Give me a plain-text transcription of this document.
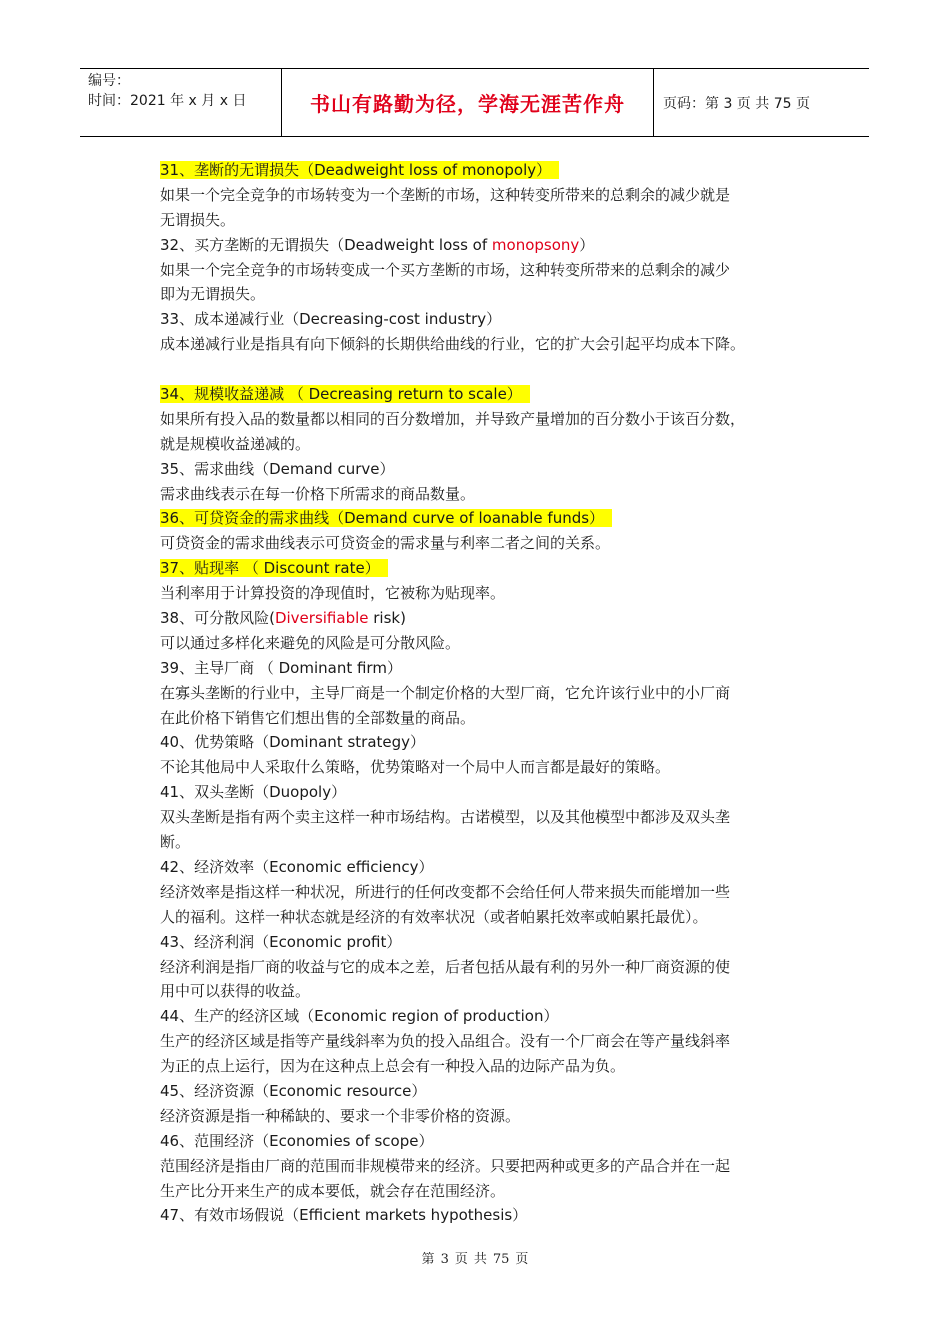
编号：
时间：2021 年 x 月 x 日	书山有路勤为径，学海无涯苦作舟	页码：第 3 页 共 75 页
31、垄断的无谓损失（Deadweight loss of monopoly）
如果一个完全竞争的市场转变为一个垄断的市场，这种转变所带来的总剩余的减少就是
无谓损失。
32、买方垄断的无谓损失（Deadweight loss of monopsony）
如果一个完全竞争的市场转变成一个买方垄断的市场，这种转变所带来的总剩余的减少
即为无谓损失。
33、成本递减行业（Decreasing-cost industry）
成本递减行业是指具有向下倾斜的长期供给曲线的行业，它的扩大会引起平均成本下降。
34、规模收益递减 （ Decreasing return to scale）
如果所有投入品的数量都以相同的百分数增加，并导致产量增加的百分数小于该百分数，
就是规模收益递减的。
35、需求曲线（Demand curve）
需求曲线表示在每一价格下所需求的商品数量。
36、可贷资金的需求曲线（Demand curve of loanable funds）
可贷资金的需求曲线表示可贷资金的需求量与利率二者之间的关系。
37、贴现率 （ Discount rate）
当利率用于计算投资的净现值时，它被称为贴现率。
38、可分散风险(Diversifiable risk)
可以通过多样化来避免的风险是可分散风险。
39、主导厂商 （ Dominant firm）
在寡头垄断的行业中，主导厂商是一个制定价格的大型厂商，它允许该行业中的小厂商
在此价格下销售它们想出售的全部数量的商品。
40、优势策略（Dominant strategy）
不论其他局中人采取什么策略，优势策略对一个局中人而言都是最好的策略。
41、双头垄断（Duopoly）
双头垄断是指有两个卖主这样一种市场结构。古诺模型，以及其他模型中都涉及双头垄
断。
42、经济效率（Economic efficiency）
经济效率是指这样一种状况，所进行的任何改变都不会给任何人带来损失而能增加一些
人的福利。这样一种状态就是经济的有效率状况（或者帕累托效率或帕累托最优）。
43、经济利润（Economic profit）
经济利润是指厂商的收益与它的成本之差，后者包括从最有利的另外一种厂商资源的使
用中可以获得的收益。
44、生产的经济区域（Economic region of production）
生产的经济区域是指等产量线斜率为负的投入品组合。没有一个厂商会在等产量线斜率
为正的点上运行，因为在这种点上总会有一种投入品的边际产品为负。
45、经济资源（Economic resource）
经济资源是指一种稀缺的、要求一个非零价格的资源。
46、范围经济（Economies of scope）
范围经济是指由厂商的范围而非规模带来的经济。只要把两种或更多的产品合并在一起
生产比分开来生产的成本要低，就会存在范围经济。
47、有效市场假说（Efficient markets hypothesis）
第 3 页 共 75 页
